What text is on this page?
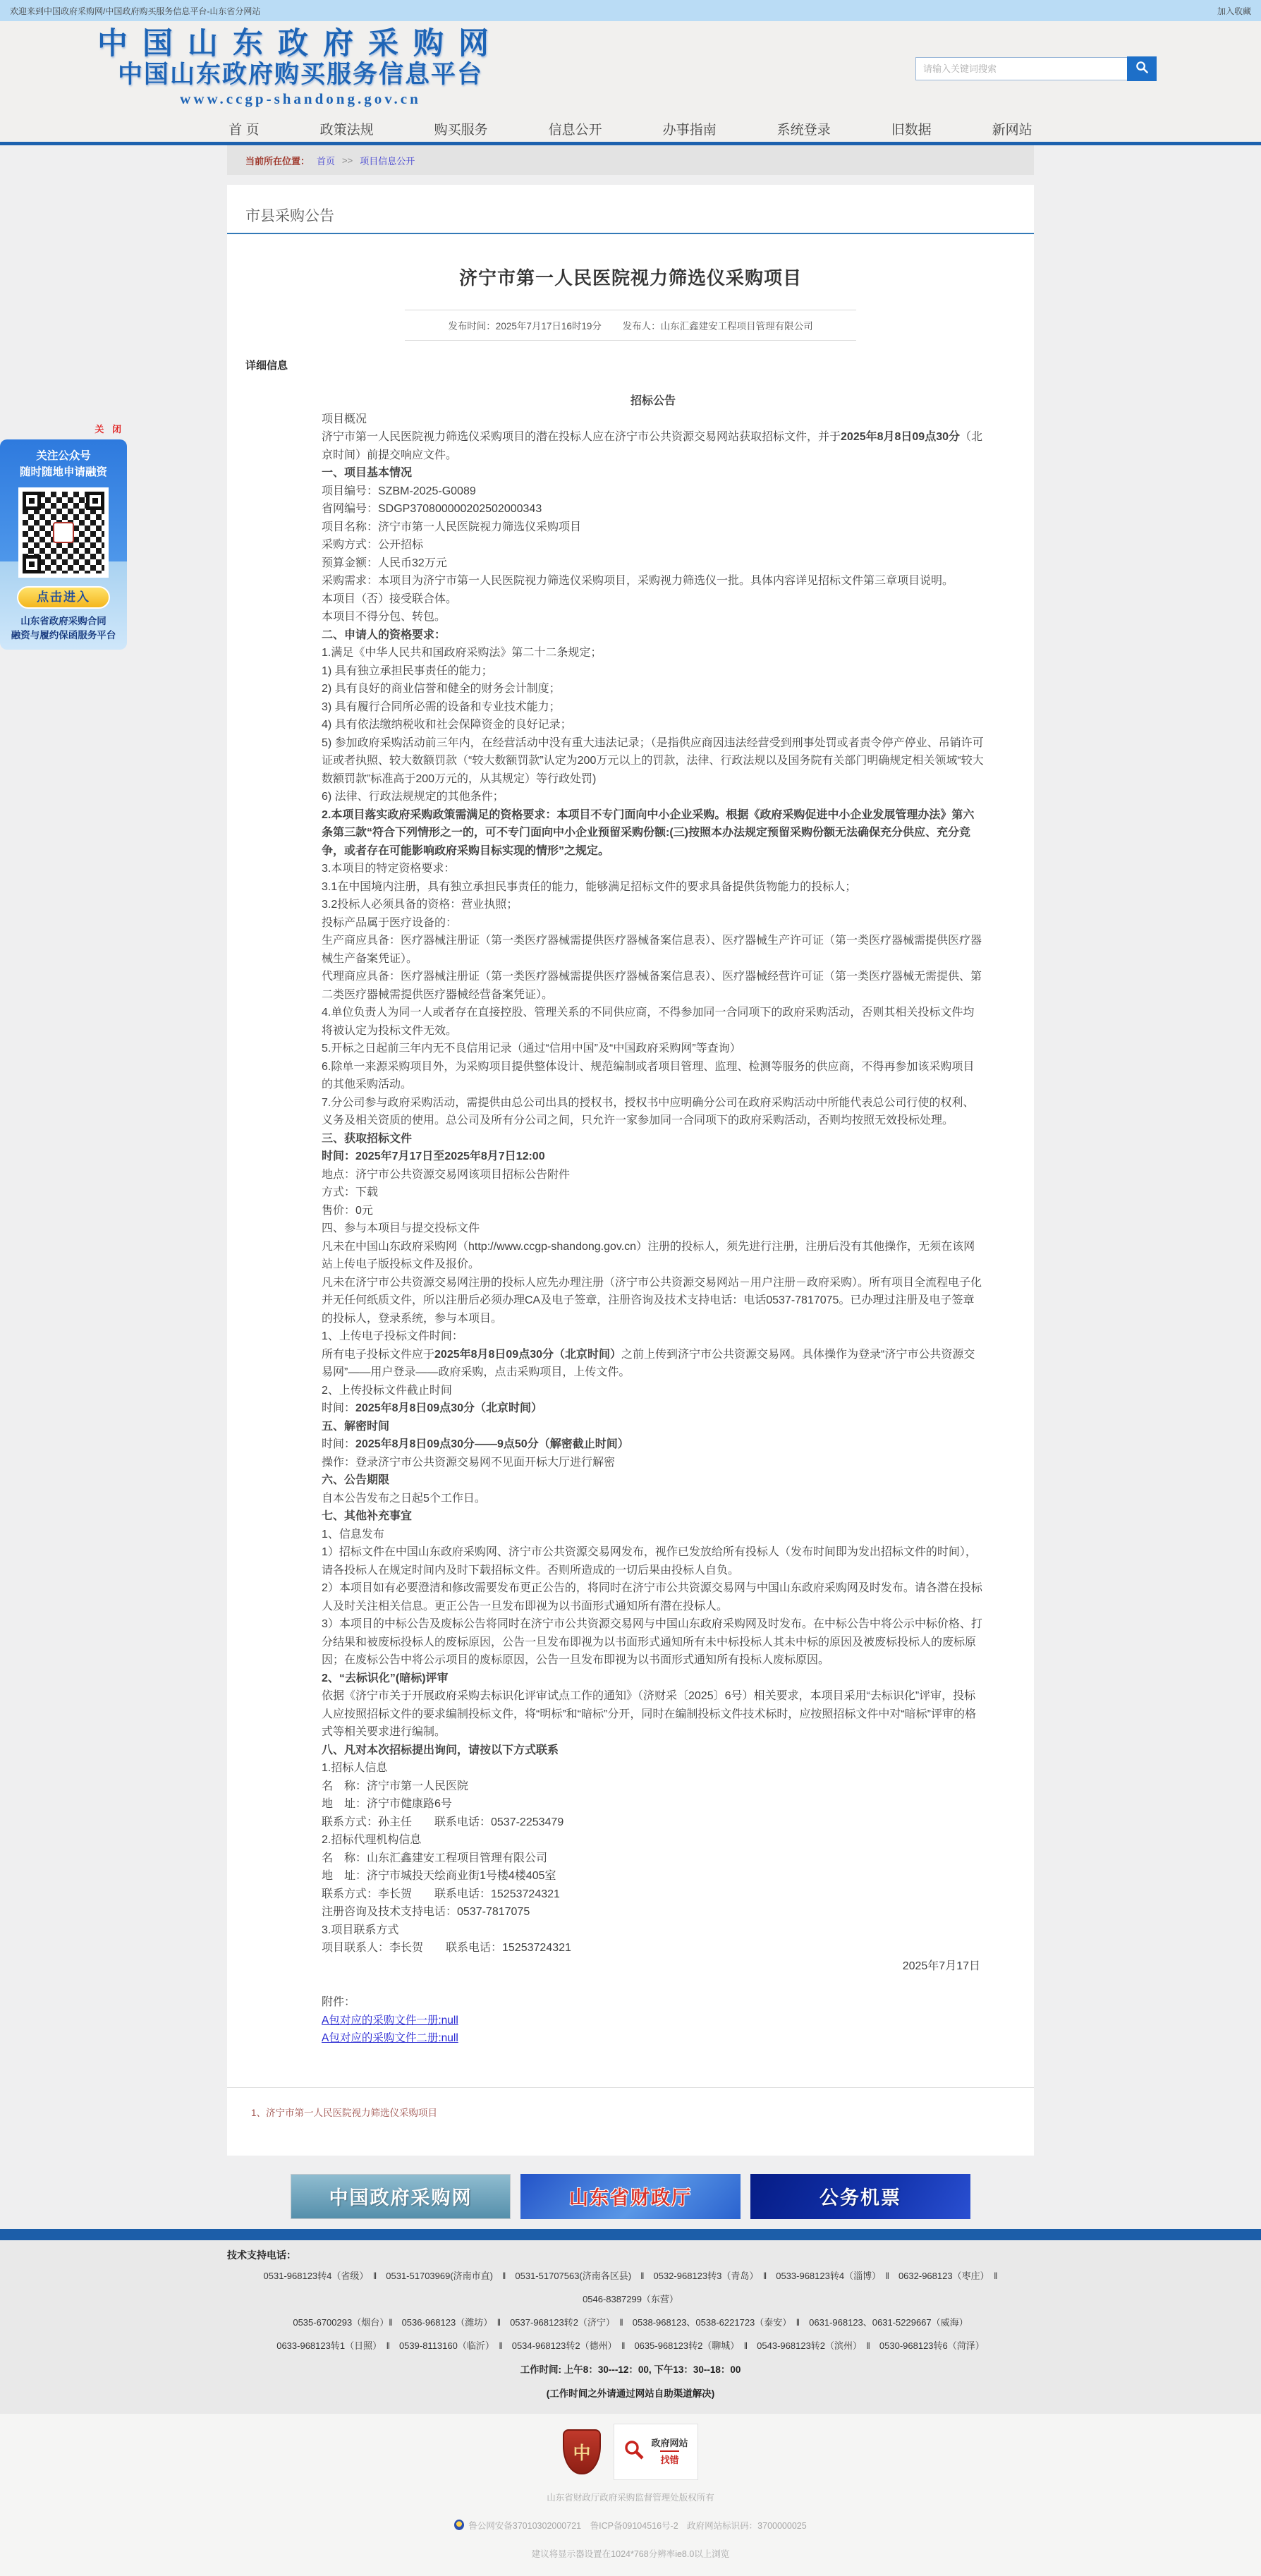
欢迎来到中国政府采购网/中国政府购买服务信息平台-山东省分网站	加入收藏
中国山东政府采购网
中国山东政府购买服务信息平台
www.ccgp-shandong.gov.cn
请输入关键词搜索
首 页	政策法规	购买服务	信息公开	办事指南	系统登录	旧数据	新网站
当前所在位置： 首页 >> 项目信息公开
市县采购公告
济宁市第一人民医院视力筛选仪采购项目
发布时间：2025年7月17日16时19分 发布人：山东汇鑫建安工程项目管理有限公司
详细信息

招标公告

项目概况

济宁市第一人民医院视力筛选仪采购项目的潜在投标人应在济宁市公共资源交易网站获取招标文件，并于2025年8月8日09点30分（北京时间）前提交响应文件。

一、项目基本情况

项目编号：SZBM-2025-G0089

省网编号：SDGP370800000202502000343

项目名称：济宁市第一人民医院视力筛选仪采购项目

采购方式：公开招标

预算金额：人民币32万元

采购需求：本项目为济宁市第一人民医院视力筛选仪采购项目，采购视力筛选仪一批。具体内容详见招标文件第三章项目说明。

本项目（否）接受联合体。

本项目不得分包、转包。

二、申请人的资格要求：

1.满足《中华人民共和国政府采购法》第二十二条规定；

1) 具有独立承担民事责任的能力；

2) 具有良好的商业信誉和健全的财务会计制度；

3) 具有履行合同所必需的设备和专业技术能力；

4) 具有依法缴纳税收和社会保障资金的良好记录；

5) 参加政府采购活动前三年内，在经营活动中没有重大违法记录；（是指供应商因违法经营受到刑事处罚或者责令停产停业、吊销许可证或者执照、较大数额罚款（“较大数额罚款”认定为200万元以上的罚款，法律、行政法规以及国务院有关部门明确规定相关领域“较大数额罚款”标准高于200万元的，从其规定）等行政处罚)

6) 法律、行政法规规定的其他条件；

2.本项目落实政府采购政策需满足的资格要求：本项目不专门面向中小企业采购。根据《政府采购促进中小企业发展管理办法》第六条第三款“符合下列情形之一的，可不专门面向中小企业预留采购份额:(三)按照本办法规定预留采购份额无法确保充分供应、充分竞争，或者存在可能影响政府采购目标实现的情形”之规定。

3.本项目的特定资格要求：

3.1在中国境内注册，具有独立承担民事责任的能力，能够满足招标文件的要求具备提供货物能力的投标人；

3.2投标人必须具备的资格：营业执照；

投标产品属于医疗设备的：

生产商应具备：医疗器械注册证（第一类医疗器械需提供医疗器械备案信息表）、医疗器械生产许可证（第一类医疗器械需提供医疗器械生产备案凭证）。

代理商应具备：医疗器械注册证（第一类医疗器械需提供医疗器械备案信息表）、医疗器械经营许可证（第一类医疗器械无需提供、第二类医疗器械需提供医疗器械经营备案凭证）。

4.单位负责人为同一人或者存在直接控股、管理关系的不同供应商，不得参加同一合同项下的政府采购活动，否则其相关投标文件均将被认定为投标文件无效。

5.开标之日起前三年内无不良信用记录（通过“信用中国”及“中国政府采购网”等查询）

6.除单一来源采购项目外，为采购项目提供整体设计、规范编制或者项目管理、监理、检测等服务的供应商，不得再参加该采购项目的其他采购活动。

7.分公司参与政府采购活动，需提供由总公司出具的授权书，授权书中应明确分公司在政府采购活动中所能代表总公司行使的权利、义务及相关资质的使用。总公司及所有分公司之间，只允许一家参加同一合同项下的政府采购活动，否则均按照无效投标处理。

三、获取招标文件

时间：2025年7月17日至2025年8月7日12:00

地点：济宁市公共资源交易网该项目招标公告附件

方式：下载

售价：0元

四、参与本项目与提交投标文件

凡未在中国山东政府采购网（http://www.ccgp-shandong.gov.cn）注册的投标人，须先进行注册，注册后没有其他操作，无须在该网站上传电子版投标文件及报价。

凡未在济宁市公共资源交易网注册的投标人应先办理注册（济宁市公共资源交易网站－用户注册－政府采购）。所有项目全流程电子化并无任何纸质文件，所以注册后必须办理CA及电子签章，注册咨询及技术支持电话：电话0537-7817075。已办理过注册及电子签章的投标人，登录系统，参与本项目。

1、上传电子投标文件时间：

所有电子投标文件应于2025年8月8日09点30分（北京时间）之前上传到济宁市公共资源交易网。具体操作为登录“济宁市公共资源交易网”——用户登录——政府采购，点击采购项目，上传文件。

2、上传投标文件截止时间

时间：2025年8月8日09点30分（北京时间）

五、解密时间

时间：2025年8月8日09点30分——9点50分（解密截止时间）

操作：登录济宁市公共资源交易网不见面开标大厅进行解密

六、公告期限

自本公告发布之日起5个工作日。

七、其他补充事宜

1、信息发布

1）招标文件在中国山东政府采购网、济宁市公共资源交易网发布，视作已发放给所有投标人（发布时间即为发出招标文件的时间），请各投标人在规定时间内及时下载招标文件。否则所造成的一切后果由投标人自负。

2）本项目如有必要澄清和修改需要发布更正公告的，将同时在济宁市公共资源交易网与中国山东政府采购网及时发布。请各潜在投标人及时关注相关信息。更正公告一旦发布即视为以书面形式通知所有潜在投标人。

3）本项目的中标公告及废标公告将同时在济宁市公共资源交易网与中国山东政府采购网及时发布。在中标公告中将公示中标价格、打分结果和被废标投标人的废标原因，公告一旦发布即视为以书面形式通知所有未中标投标人其未中标的原因及被废标投标人的废标原因；在废标公告中将公示项目的废标原因，公告一旦发布即视为以书面形式通知所有投标人废标原因。

2、“去标识化”(暗标)评审

依据《济宁市关于开展政府采购去标识化评审试点工作的通知》（济财采〔2025〕6号）相关要求，本项目采用“去标识化”评审，投标人应按照招标文件的要求编制投标文件，将“明标”和“暗标”分开，同时在编制投标文件技术标时，应按照招标文件中对“暗标”评审的格式等相关要求进行编制。

八、凡对本次招标提出询问，请按以下方式联系

1.招标人信息

名　称：济宁市第一人民医院

地　址：济宁市健康路6号

联系方式：孙主任　　联系电话：0537-2253479

2.招标代理机构信息

名　称：山东汇鑫建安工程项目管理有限公司

地　址：济宁市城投天绘商业街1号楼4楼405室

联系方式：李长贺　　联系电话：15253724321

注册咨询及技术支持电话：0537-7817075

3.项目联系方式

项目联系人：李长贺　　联系电话：15253724321

2025年7月17日

附件：
A包对应的采购文件一册:null
A包对应的采购文件二册:null
1、济宁市第一人民医院视力筛选仪采购项目
中国政府采购网	山东省财政厅	公务机票
技术支持电话：
0531-968123转4（省级）　‖　0531-51703969(济南市直)　‖　0531-51707563(济南各区县)　‖　0532-968123转3（青岛）　‖　0533-968123转4（淄博）　‖　0632-968123（枣庄）　‖
0546-8387299（东营）
0535-6700293（烟台）‖　0536-968123（潍坊）　‖　0537-968123转2（济宁）　‖　0538-968123、0538-6221723（泰安）　‖　0631-968123、0631-5229667（威海）
0633-968123转1（日照）　‖　0539-8113160（临沂）　‖　0534-968123转2（德州）　‖　0635-968123转2（聊城）　‖　0543-968123转2（滨州）　‖　0530-968123转6（菏泽）
工作时间: 上午8：30---12：00, 下午13：30--18：00
(工作时间之外请通过网站自助渠道解决)
中	政府网站
找错
山东省财政厅政府采购监督管理处版权所有
鲁公网安备37010302000721　鲁ICP备09104516号-2　政府网站标识码：3700000025
建议将显示器设置在1024*768分辨率ie8.0以上浏览
关 闭
关注公众号
随时随地申请融资
点击进入
山东省政府采购合同
融资与履约保函服务平台
